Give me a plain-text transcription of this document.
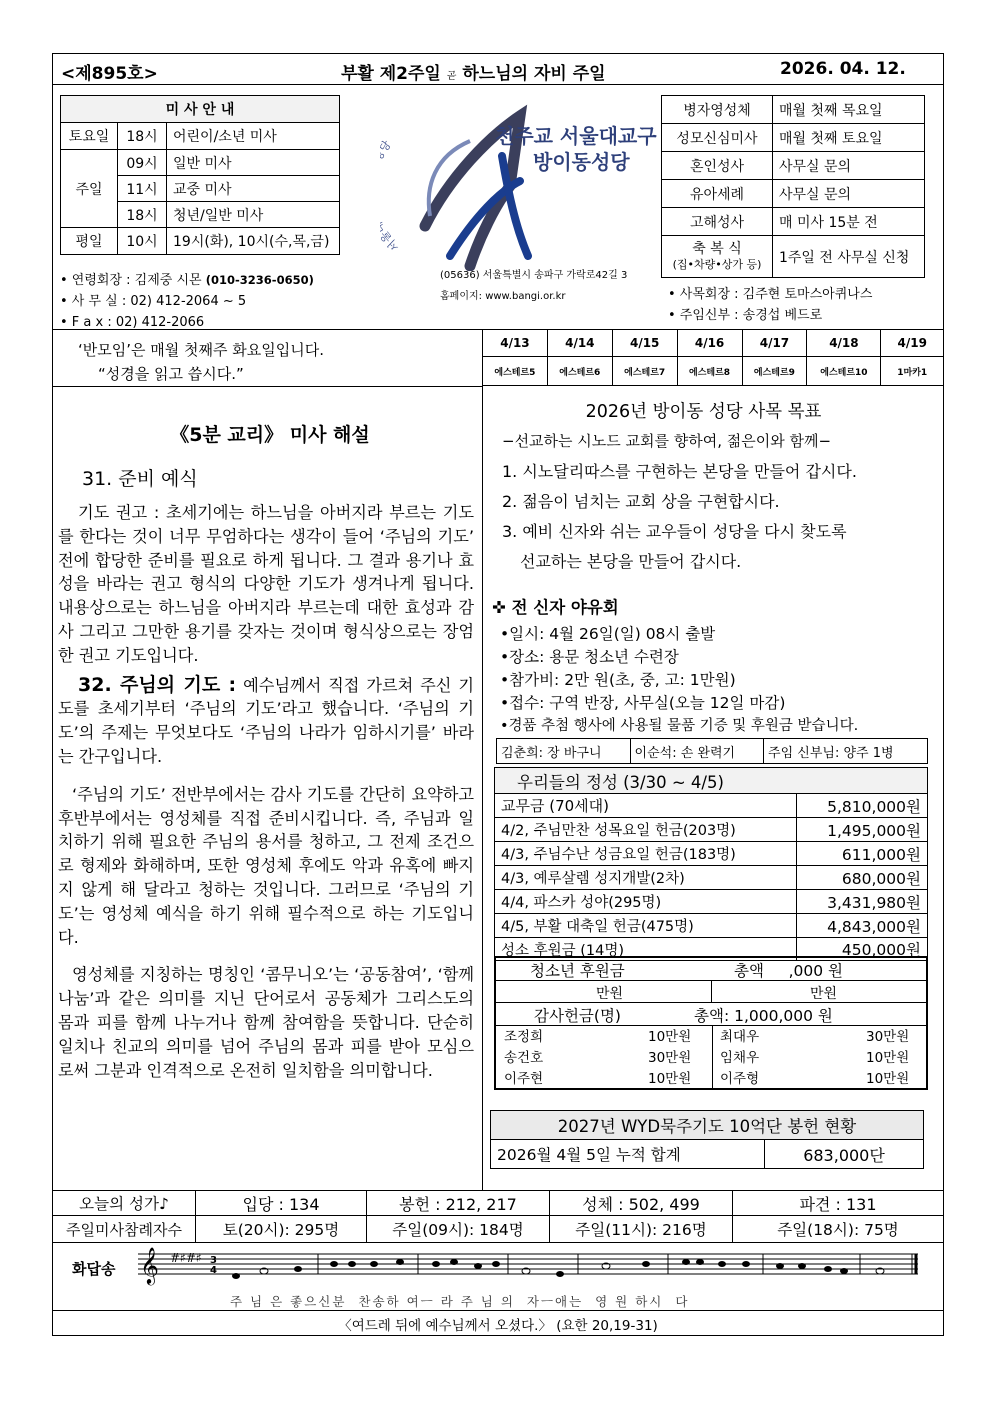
<제895호>	부활 제2주일 곧 하느님의 자비 주일	2026. 04. 12.
미 사 안 내		
토요일	18시	어린이/소년 미사
주일	09시	일반 미사
	11시	교중 미사
	18시	청년/일반 미사
평일	10시	19시(화), 10시(수,목,금)
• 연령회장 : 김제중 시몬 (010-3236-0650)
• 사 무 실 : 02) 412-2064 ~ 5
• F a x : 02) 412-2066
서
천주교 서울대교구
방이동성당
(05636) 서울특별시 송파구 가락로42길 3
홈페이지: www.bangi.or.kr
병자영성체	매월 첫째 목요일
성모신심미사	매월 첫째 토요일
혼인성사	사무실 문의
유아세례	사무실 문의
고해성사	매 미사 15분 전

축 복 식
(집•차량•상가 등)	1주일 전 사무실 신청
• 사목회장 : 김주현 토마스아퀴나스
• 주임신부 : 송경섭 베드로
‘반모임’은 매월 첫째주 화요일입니다.
“성경을 읽고 씁시다.”
4/13	4/14	4/15	4/16	4/17	4/18	4/19
에스테르5	에스테르6	에스테르7	에스테르8	에스테르9	에스테르10	1마카1
《5분 교리》 미사 해설
31. 준비 예식

기도 권고 : 초세기에는 하느님을 아버지라 부르는 기도를 한다는 것이 너무 무엄하다는 생각이 들어 ‘주님의 기도’ 전에 합당한 준비를 필요로 하게 됩니다. 그 결과 용기나 효성을 바라는 권고 형식의 다양한 기도가 생겨나게 됩니다. 내용상으로는 하느님을 아버지라 부르는데 대한 효성과 감사 그리고 그만한 용기를 갖자는 것이며 형식상으로는 장엄한 권고 기도입니다.

32. 주님의 기도 : 예수님께서 직접 가르쳐 주신 기도를 초세기부터 ‘주님의 기도’라고 했습니다. ‘주님의 기도’의 주제는 무엇보다도 ‘주님의 나라가 임하시기를’ 바라는 간구입니다.

‘주님의 기도’ 전반부에서는 감사 기도를 간단히 요약하고 후반부에서는 영성체를 직접 준비시킵니다. 즉, 주님과 일치하기 위해 필요한 주님의 용서를 청하고, 그 전제 조건으로 형제와 화해하며, 또한 영성체 후에도 악과 유혹에 빠지지 않게 해 달라고 청하는 것입니다. 그러므로 ‘주님의 기도’는 영성체 예식을 하기 위해 필수적으로 하는 기도입니다.

영성체를 지칭하는 명칭인 ‘콤무니오’는 ‘공동참여’, ‘함께 나눔’과 같은 의미를 지닌 단어로서 공동체가 그리스도의 몸과 피를 함께 나누거나 함께 참여함을 뜻합니다. 단순히 일치나 친교의 의미를 넘어 주님의 몸과 피를 받아 모심으로써 그분과 인격적으로 온전히 일치함을 의미합니다.

2026년 방이동 성당 사목 목표
−선교하는 시노드 교회를 향하여, 젊은이와 함께−
1. 시노달리따스를 구현하는 본당을 만들어 갑시다.
2. 젊음이 넘치는 교회 상을 구현합시다.
3. 예비 신자와 쉬는 교우들이 성당을 다시 찾도록
선교하는 본당을 만들어 갑시다.
✜ 전 신자 야유회
•일시: 4월 26일(일) 08시 출발
•장소: 용문 청소년 수련장
•참가비: 2만 원(초, 중, 고: 1만원)
•접수: 구역 반장, 사무실(오늘 12일 마감)
•경품 추첨 행사에 사용될 물품 기증 및 후원금 받습니다.
김춘희: 장 바구니	이순석: 손 완력기	주임 신부님: 양주 1병
우리들의 정성 (3/30 ~ 4/5)	
교무금 (70세대)	5,810,000원
4/2, 주님만찬 성목요일 헌금(203명)	1,495,000원
4/3, 주님수난 성금요일 헌금(183명)	611,000원
4/3, 예루살렘 성지개발(2차)	680,000원
4/4, 파스카 성야(295명)	3,431,980원
4/5, 부활 대축일 헌금(475명)	4,843,000원
성소 후원금 (14명)	450,000원
청소년 후원금	총액     ,000 원
만원	만원
감사헌금(명)	총액: 1,000,000 원
조정희	10만원 최대우	30만원
송건호	30만원 임채우	10만원
이주현	10만원 이주형	10만원
2027년 WYD묵주기도 10억단 봉헌 현황
2026월 4월 5일 누적 합계	683,000단
오늘의 성가♪	입당 : 134	봉헌 : 212, 217	성체 : 502, 499	파견 : 131
주일미사참례자수	토(20시): 295명	주일(09시): 184명	주일(11시): 216명	주일(18시): 75명
화답송 𝄞 #♯#♯ 3
4
주 님 은 좋으신분  찬송하 여ㅡ 라 주 님 의  자ㅡ애는  영 원 하시  다
〈여드레 뒤에 예수님께서 오셨다.〉 (요한 20,19-31)
